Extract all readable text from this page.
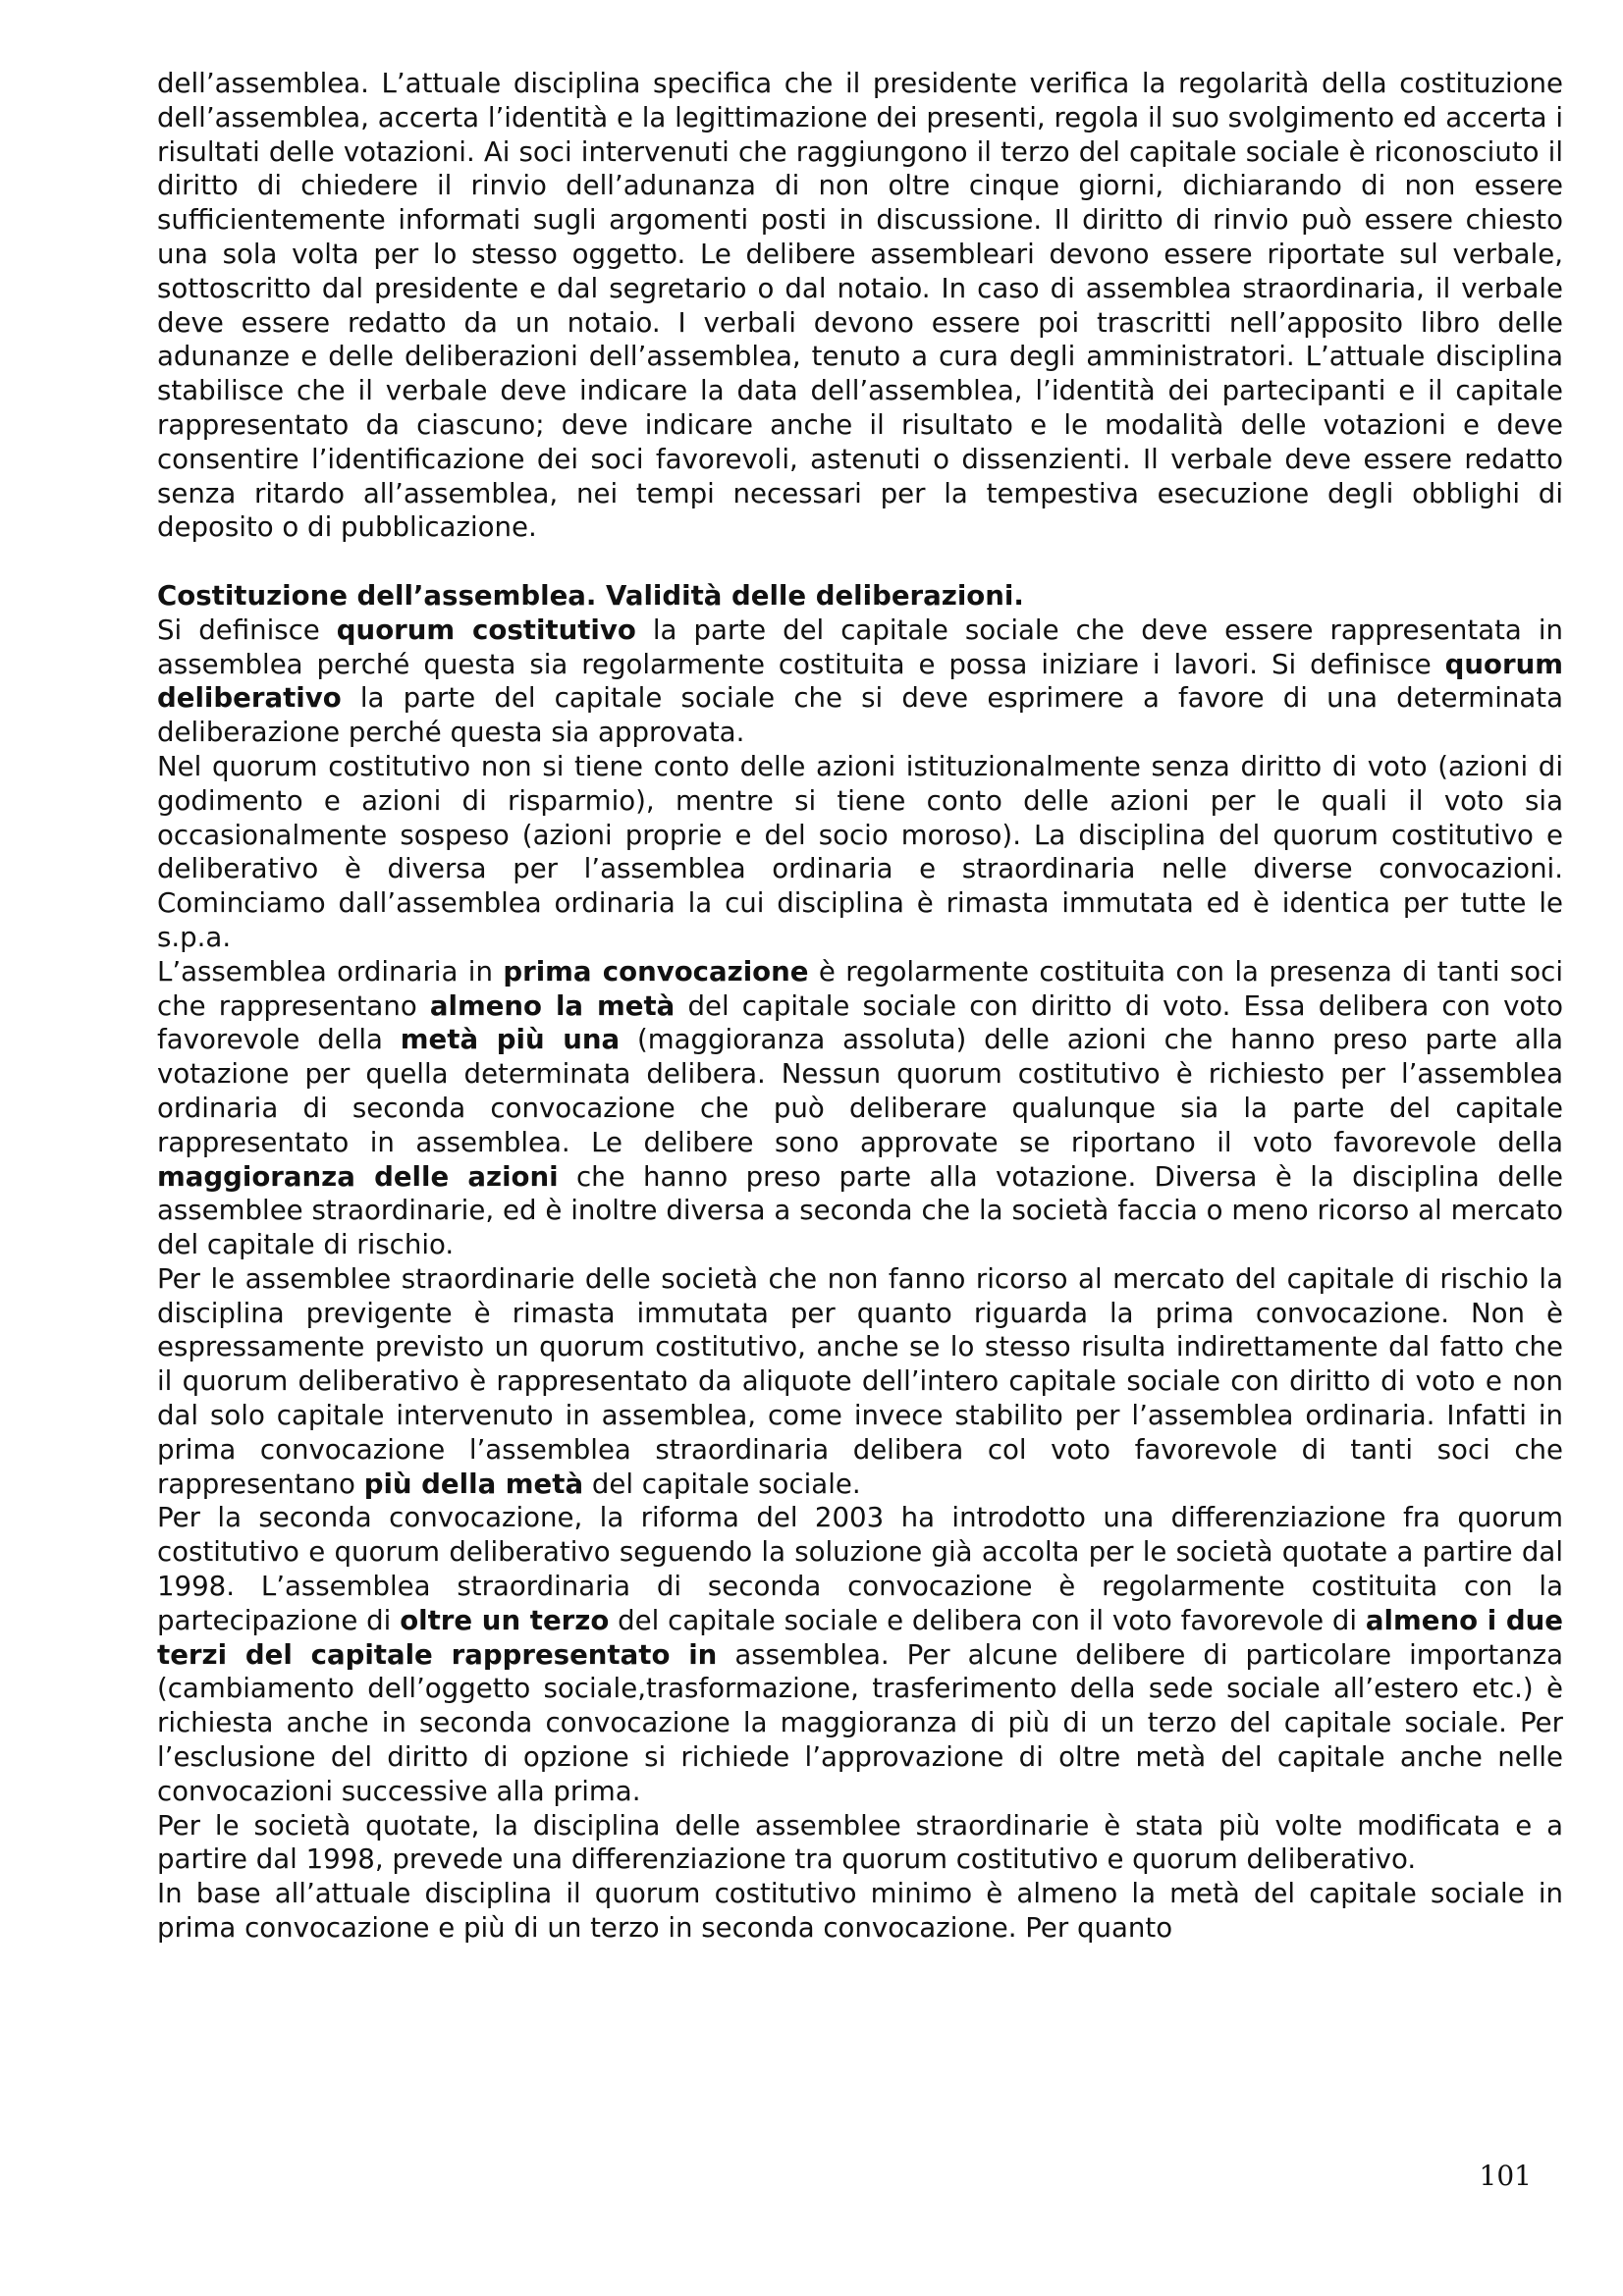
dell’assemblea. L’attuale disciplina specifica che il presidente verifica la regolarità della costituzione dell’assemblea, accerta l’identità e la legittimazione dei presenti, regola il suo svolgimento ed accerta i risultati delle votazioni. Ai soci intervenuti che raggiungono il terzo del capitale sociale è riconosciuto il diritto di chiedere il rinvio dell’adunanza di non oltre cinque giorni, dichiarando di non essere sufficientemente informati sugli argomenti posti in discussione. Il diritto di rinvio può essere chiesto una sola volta per lo stesso oggetto. Le delibere assembleari devono essere riportate sul verbale, sottoscritto dal presidente e dal segretario o dal notaio. In caso di assemblea straordinaria, il verbale deve essere redatto da un notaio. I verbali devono essere poi trascritti nell’apposito libro delle adunanze e delle deliberazioni dell’assemblea, tenuto a cura degli amministratori. L’attuale disciplina stabilisce che il verbale deve indicare la data dell’assemblea, l’identità dei partecipanti e il capitale rappresentato da ciascuno; deve indicare anche il risultato e le modalità delle votazioni e deve consentire l’identificazione dei soci favorevoli, astenuti o dissenzienti. Il verbale deve essere redatto senza ritardo all’assemblea, nei tempi necessari per la tempestiva esecuzione degli obblighi di deposito o di pubblicazione.

Costituzione dell’assemblea. Validità delle deliberazioni.

Si definisce quorum costitutivo la parte del capitale sociale che deve essere rappresentata in assemblea perché questa sia regolarmente costituita e possa iniziare i lavori. Si definisce quorum deliberativo la parte del capitale sociale che si deve esprimere a favore di una determinata deliberazione perché questa sia approvata.

Nel quorum costitutivo non si tiene conto delle azioni istituzionalmente senza diritto di voto (azioni di godimento e azioni di risparmio), mentre si tiene conto delle azioni per le quali il voto sia occasionalmente sospeso (azioni proprie e del socio moroso). La disciplina del quorum costitutivo e deliberativo è diversa per l’assemblea ordinaria e straordinaria nelle diverse convocazioni. Cominciamo dall’assemblea ordinaria la cui disciplina è rimasta immutata ed è identica per tutte le s.p.a.

L’assemblea ordinaria in prima convocazione è regolarmente costituita con la presenza di tanti soci che rappresentano almeno la metà del capitale sociale con diritto di voto. Essa delibera con voto favorevole della metà più una (maggioranza assoluta) delle azioni che hanno preso parte alla votazione per quella determinata delibera. Nessun quorum costitutivo è richiesto per l’assemblea ordinaria di seconda convocazione che può deliberare qualunque sia la parte del capitale rappresentato in assemblea. Le delibere sono approvate se riportano il voto favorevole della maggioranza delle azioni che hanno preso parte alla votazione. Diversa è la disciplina delle assemblee straordinarie, ed è inoltre diversa a seconda che la società faccia o meno ricorso al mercato del capitale di rischio.

Per le assemblee straordinarie delle società che non fanno ricorso al mercato del capitale di rischio la disciplina previgente è rimasta immutata per quanto riguarda la prima convocazione. Non è espressamente previsto un quorum costitutivo, anche se lo stesso risulta indirettamente dal fatto che il quorum deliberativo è rappresentato da aliquote dell’intero capitale sociale con diritto di voto e non dal solo capitale intervenuto in assemblea, come invece stabilito per l’assemblea ordinaria. Infatti in prima convocazione l’assemblea straordinaria delibera col voto favorevole di tanti soci che rappresentano più della metà del capitale sociale.

Per la seconda convocazione, la riforma del 2003 ha introdotto una differenziazione fra quorum costitutivo e quorum deliberativo seguendo la soluzione già accolta per le società quotate a partire dal 1998. L’assemblea straordinaria di seconda convocazione è regolarmente costituita con la partecipazione di oltre un terzo del capitale sociale e delibera con il voto favorevole di almeno i due terzi del capitale rappresentato in assemblea. Per alcune delibere di particolare importanza (cambiamento dell’oggetto sociale,trasformazione, trasferimento della sede sociale all’estero etc.) è richiesta anche in seconda convocazione la maggioranza di più di un terzo del capitale sociale. Per l’esclusione del diritto di opzione si richiede l’approvazione di oltre metà del capitale anche nelle convocazioni successive alla prima.

Per le società quotate, la disciplina delle assemblee straordinarie è stata più volte modificata e a partire dal 1998, prevede una differenziazione tra quorum costitutivo e quorum deliberativo.

In base all’attuale disciplina il quorum costitutivo minimo è almeno la metà del capitale sociale in prima convocazione e più di un terzo in seconda convocazione. Per quanto

101
